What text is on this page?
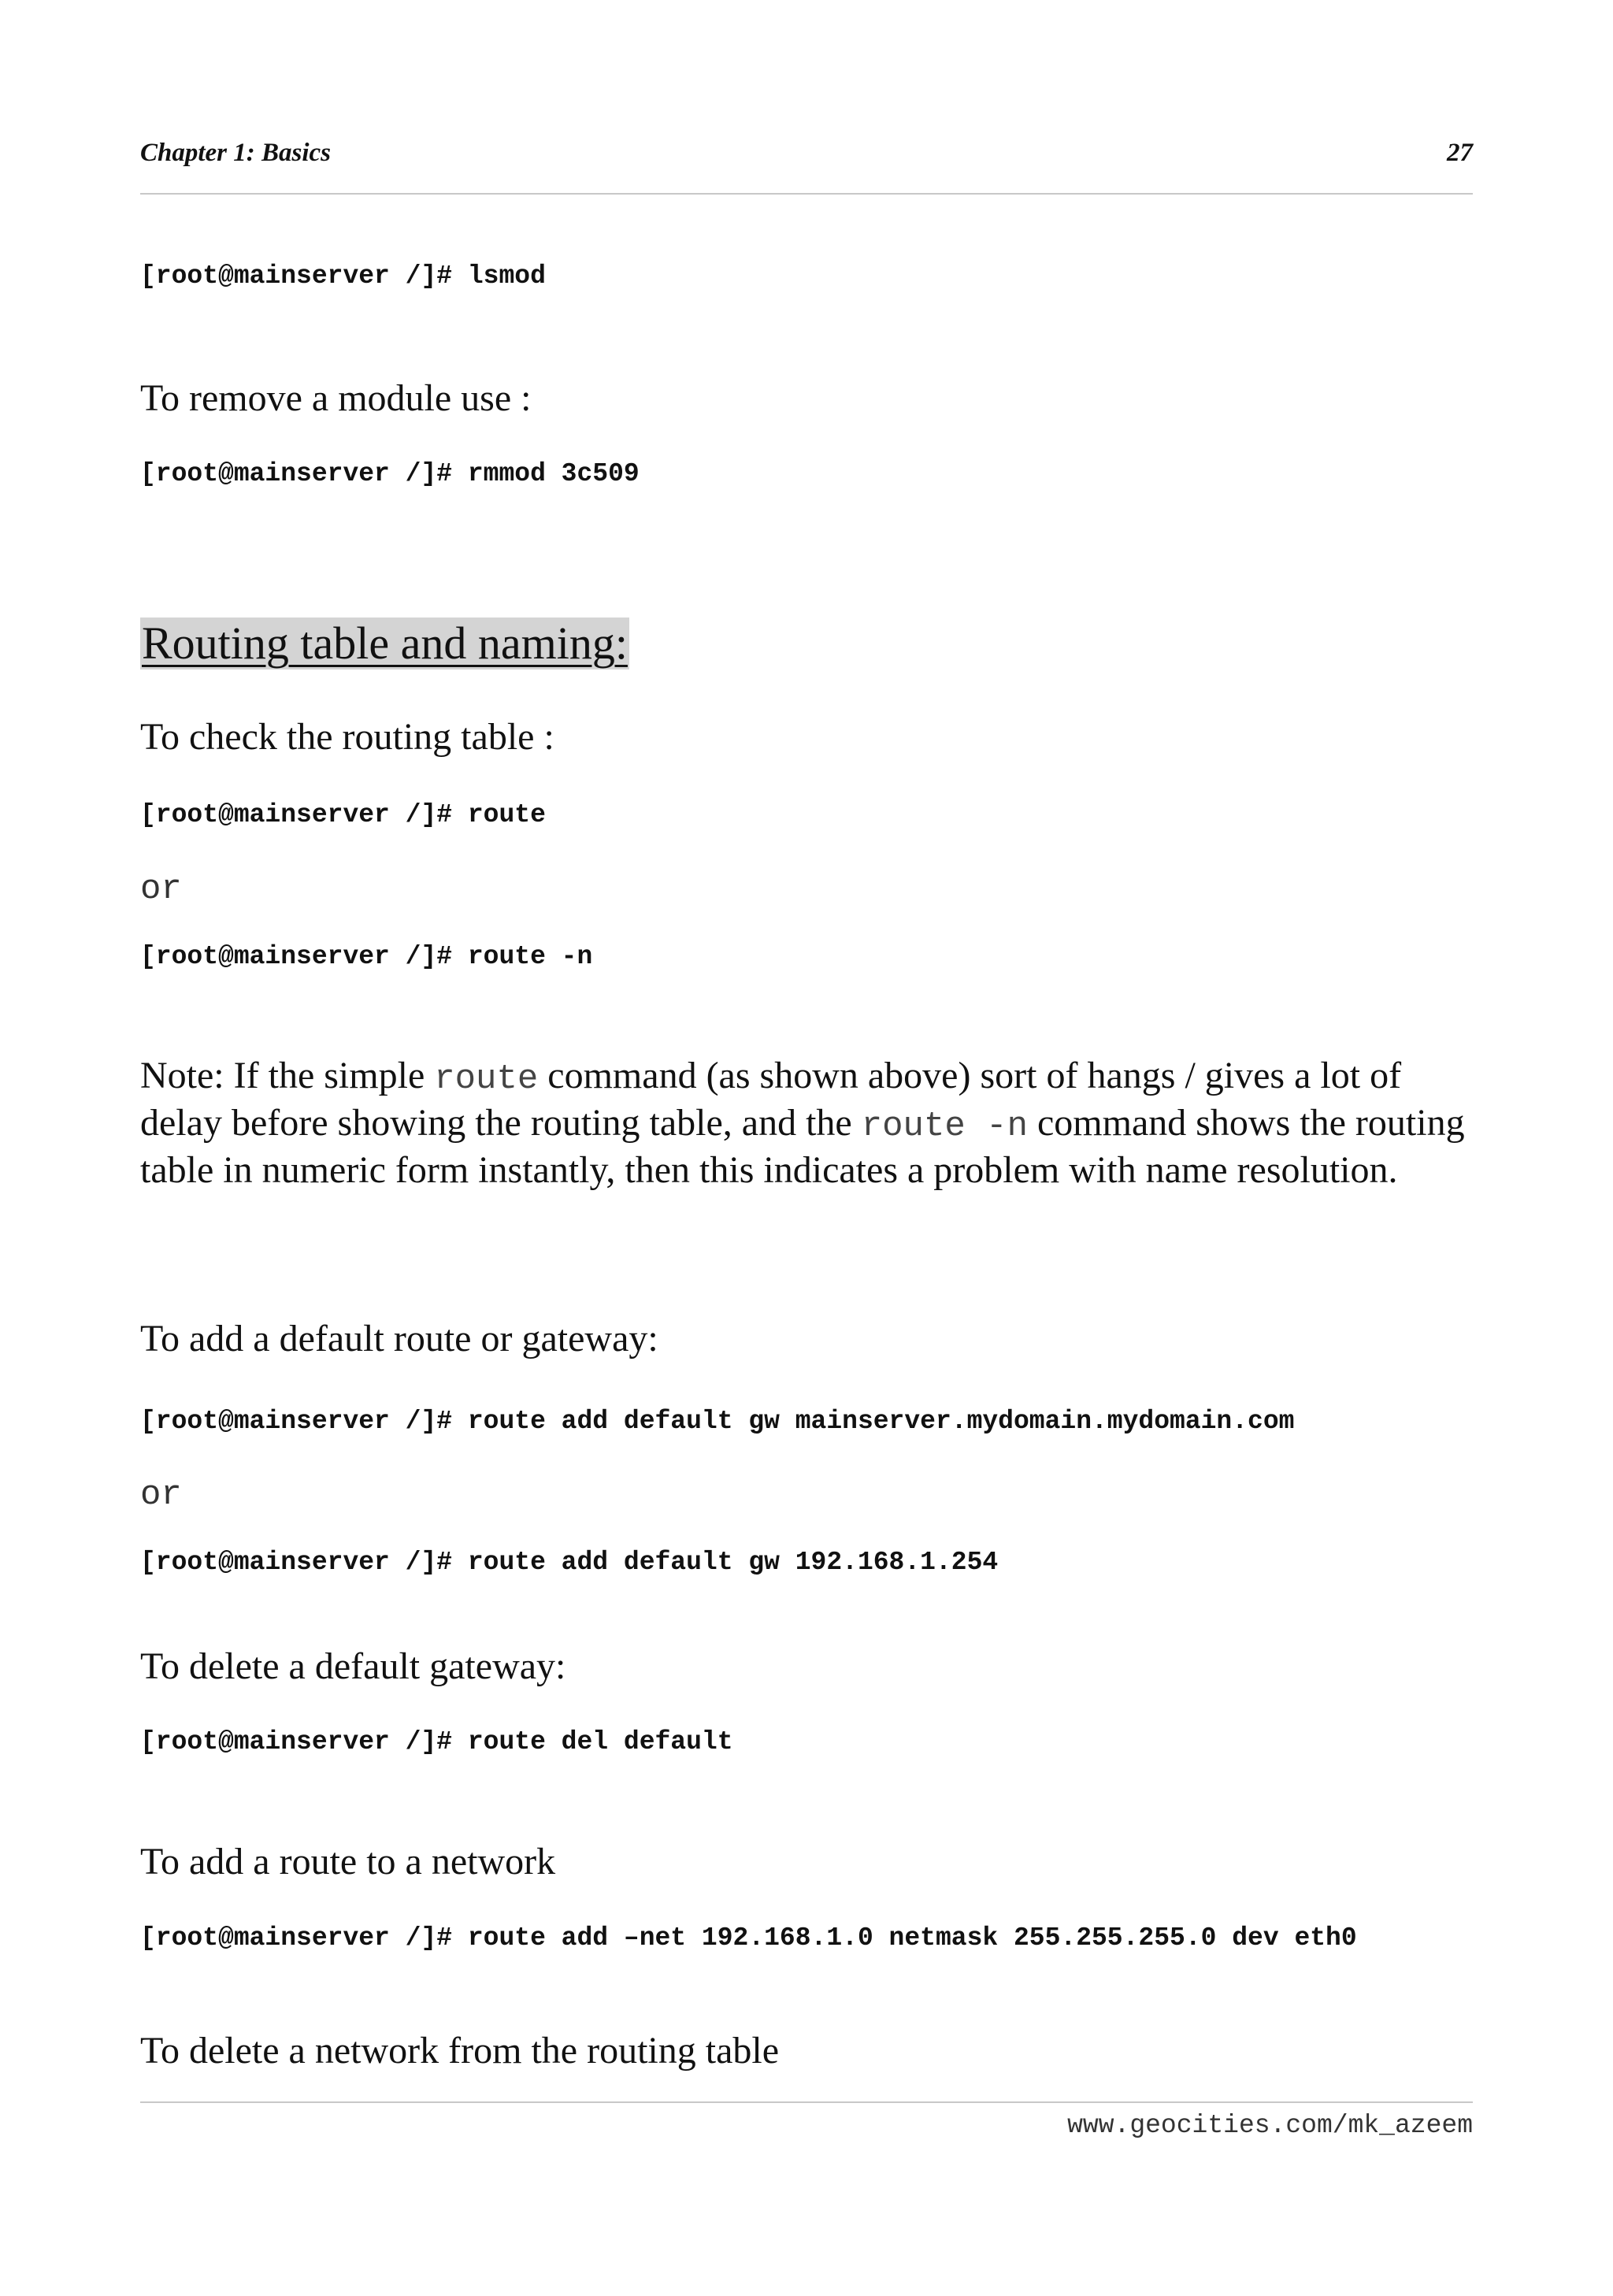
Chapter 1: Basics	27
[root@mainserver /]# lsmod
To remove a module use :
[root@mainserver /]# rmmod 3c509
Routing table and naming:
To check the routing table :
[root@mainserver /]# route
or
[root@mainserver /]# route -n
Note: If the simple route command (as shown above) sort of hangs / gives a lot of delay before showing the routing table, and the route -n command shows the routing table in numeric form instantly, then this indicates a problem with name resolution.
To add a default route or gateway:
[root@mainserver /]# route add default gw mainserver.mydomain.mydomain.com
or
[root@mainserver /]# route add default gw 192.168.1.254
To delete a default gateway:
[root@mainserver /]# route del default
To add a route to a network
[root@mainserver /]# route add –net 192.168.1.0 netmask 255.255.255.0 dev eth0
To delete a network from the routing table
www.geocities.com/mk_azeem
